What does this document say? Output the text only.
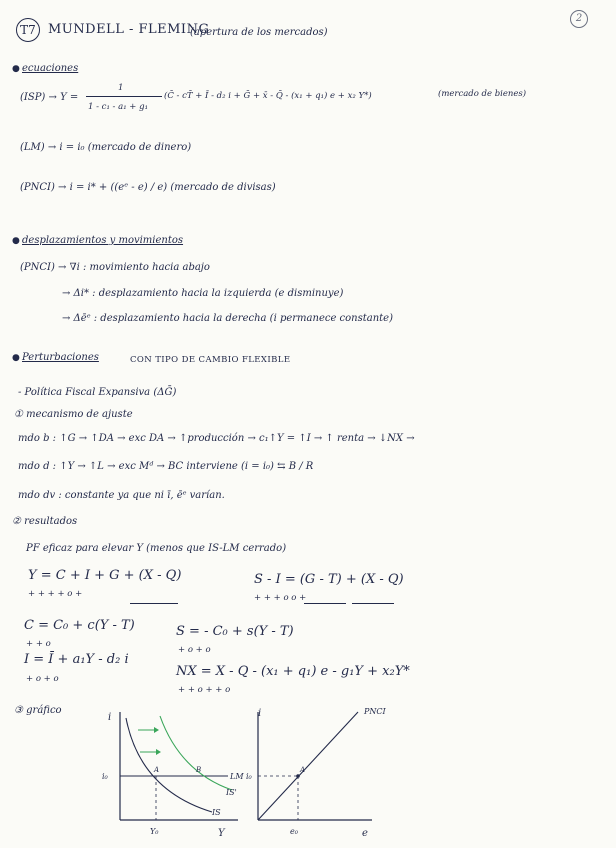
T7 MUNDELL - FLEMING
(apertura de los mercados)
2
● ecuaciones
(ISP) → Y =
1
1 - c₁ - a₁ + g₁
(C̄ - cT̄ + Ī - d₂ i + Ḡ + x̄ - Q̄ - (x₁ + q₁) e + x₂ Y*)	(mercado de bienes)
(LM) → i = i₀ (mercado de dinero)
(PNCI) → i = i* + ((eᵉ - e) / e) (mercado de divisas)
● desplazamientos y movimientos
(PNCI) → ∇i : movimiento hacia abajo
→ Δi* : desplazamiento hacia la izquierda (e disminuye)
→ Δēᵉ : desplazamiento hacia la derecha (i permanece constante)
● Perturbaciones	CON TIPO DE CAMBIO FLEXIBLE
- Política Fiscal Expansiva (ΔḠ)
① mecanismo de ajuste
mdo b : ↑G → ↑DA → exc DA → ↑producción → c₁↑Y = ↑I → ↑ renta → ↓NX →
mdo d : ↑Y → ↑L → exc Mᵈ → BC interviene (i = i₀) ⇆ B / R
mdo dv : constante ya que ni ī, ēᵉ varían.
② resultados
PF eficaz para elevar Y (menos que IS-LM cerrado)
Y = C + I + G + (X - Q)
+ + + + o +
S - I = (G - T) + (X - Q)
+ + + o o +
C = C₀ + c(Y - T)
+ + o
S = - C₀ + s(Y - T)
+ o + o
I = Ī + a₁Y - d₂ i
+ o + o	NX = X - Q - (x₁ + q₁) e - g₁Y + x₂Y*
+ + o + + o
③ gráfico
i
Y
i₀	LM
IS
IS'
Y₀
A	B
i
e
PNCI
A
i₀
e₀
